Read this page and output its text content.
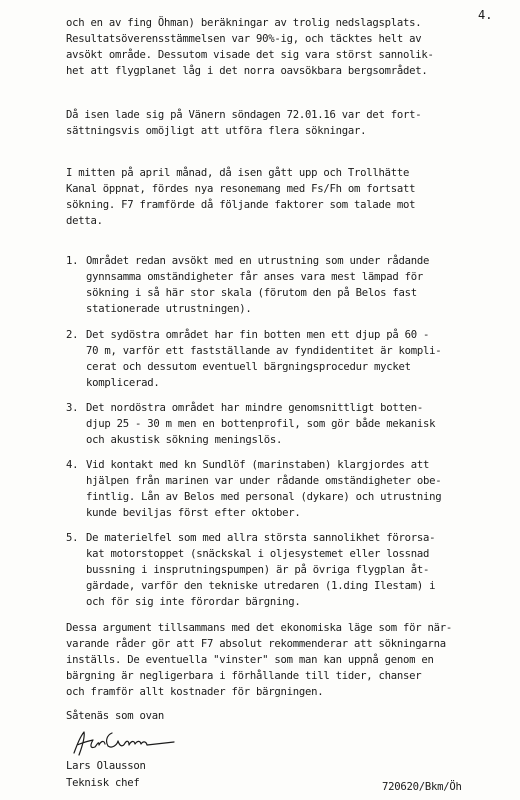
4.
och en av fing Öhman) beräkningar av trolig nedslagsplats.
Resultatsöverensstämmelsen var 90%-ig, och täcktes helt av
avsökt område. Dessutom visade det sig vara störst sannolik-
het att flygplanet låg i det norra oavsökbara bergsområdet.
Då isen lade sig på Vänern söndagen 72.01.16 var det fort-
sättningsvis omöjligt att utföra flera sökningar.
I mitten på april månad, då isen gått upp och Trollhätte
Kanal öppnat, fördes nya resonemang med Fs/Fh om fortsatt
sökning. F7 framförde då följande faktorer som talade mot
detta.
1. Området redan avsökt med en utrustning som under rådande
gynnsamma omständigheter får anses vara mest lämpad för
sökning i så här stor skala (förutom den på Belos fast
stationerade utrustningen).
2. Det sydöstra området har fin botten men ett djup på 60 -
70 m, varför ett fastställande av fyndidentitet är kompli-
cerat och dessutom eventuell bärgningsprocedur mycket
komplicerad.
3. Det nordöstra området har mindre genomsnittligt botten-
djup 25 - 30 m men en bottenprofil, som gör både mekanisk
och akustisk sökning meningslös.
4. Vid kontakt med kn Sundlöf (marinstaben) klargjordes att
hjälpen från marinen var under rådande omständigheter obe-
fintlig. Lån av Belos med personal (dykare) och utrustning
kunde beviljas först efter oktober.
5. De materielfel som med allra största sannolikhet förorsa-
kat motorstoppet (snäckskal i oljesystemet eller lossnad
bussning i insprutningspumpen) är på övriga flygplan åt-
gärdade, varför den tekniske utredaren (1.ding Ilestam) i
och för sig inte förordar bärgning.
Dessa argument tillsammans med det ekonomiska läge som för när-
varande råder gör att F7 absolut rekommenderar att sökningarna
inställs. De eventuella "vinster" som man kan uppnå genom en
bärgning är negligerbara i förhållande till tider, chanser
och framför allt kostnader för bärgningen.
Såtenäs som ovan
Lars Olausson
Teknisk chef	720620/Bkm/Öh
